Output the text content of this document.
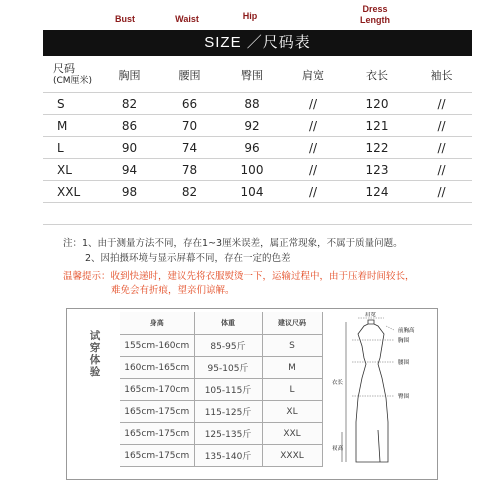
Bust	Waist	Hip
Dress
Length
SIZE ／尺码表
尺码
(CM厘米)	胸围	腰围	臀围	肩宽	衣长	袖长
S	82	66	88	//	120	//
M	86	70	92	//	121	//
L	90	74	96	//	122	//
XL	94	78	100	//	123	//
XXL	98	82	104	//	124	//

注：1、由于测量方法不同，存在1~3厘米误差，属正常现象，不属于质量问题。
2、因拍摄环境与显示屏幕不同，存在一定的色差
温馨提示：收到快递时，建议先将衣服熨烫一下，运输过程中，由于压着时间较长，
难免会有折痕，望亲们谅解。
试
穿
体
验
身高	体重	建议尺码
155cm-160cm	85-95斤	S
160cm-165cm	95-105斤	M
165cm-170cm	105-115斤	L
165cm-175cm	115-125斤	XL
165cm-175cm	125-135斤	XXL
165cm-175cm	135-140斤	XXXL
肩宽
前胸高
胸围
腰围
臀围
衣长
衩高
